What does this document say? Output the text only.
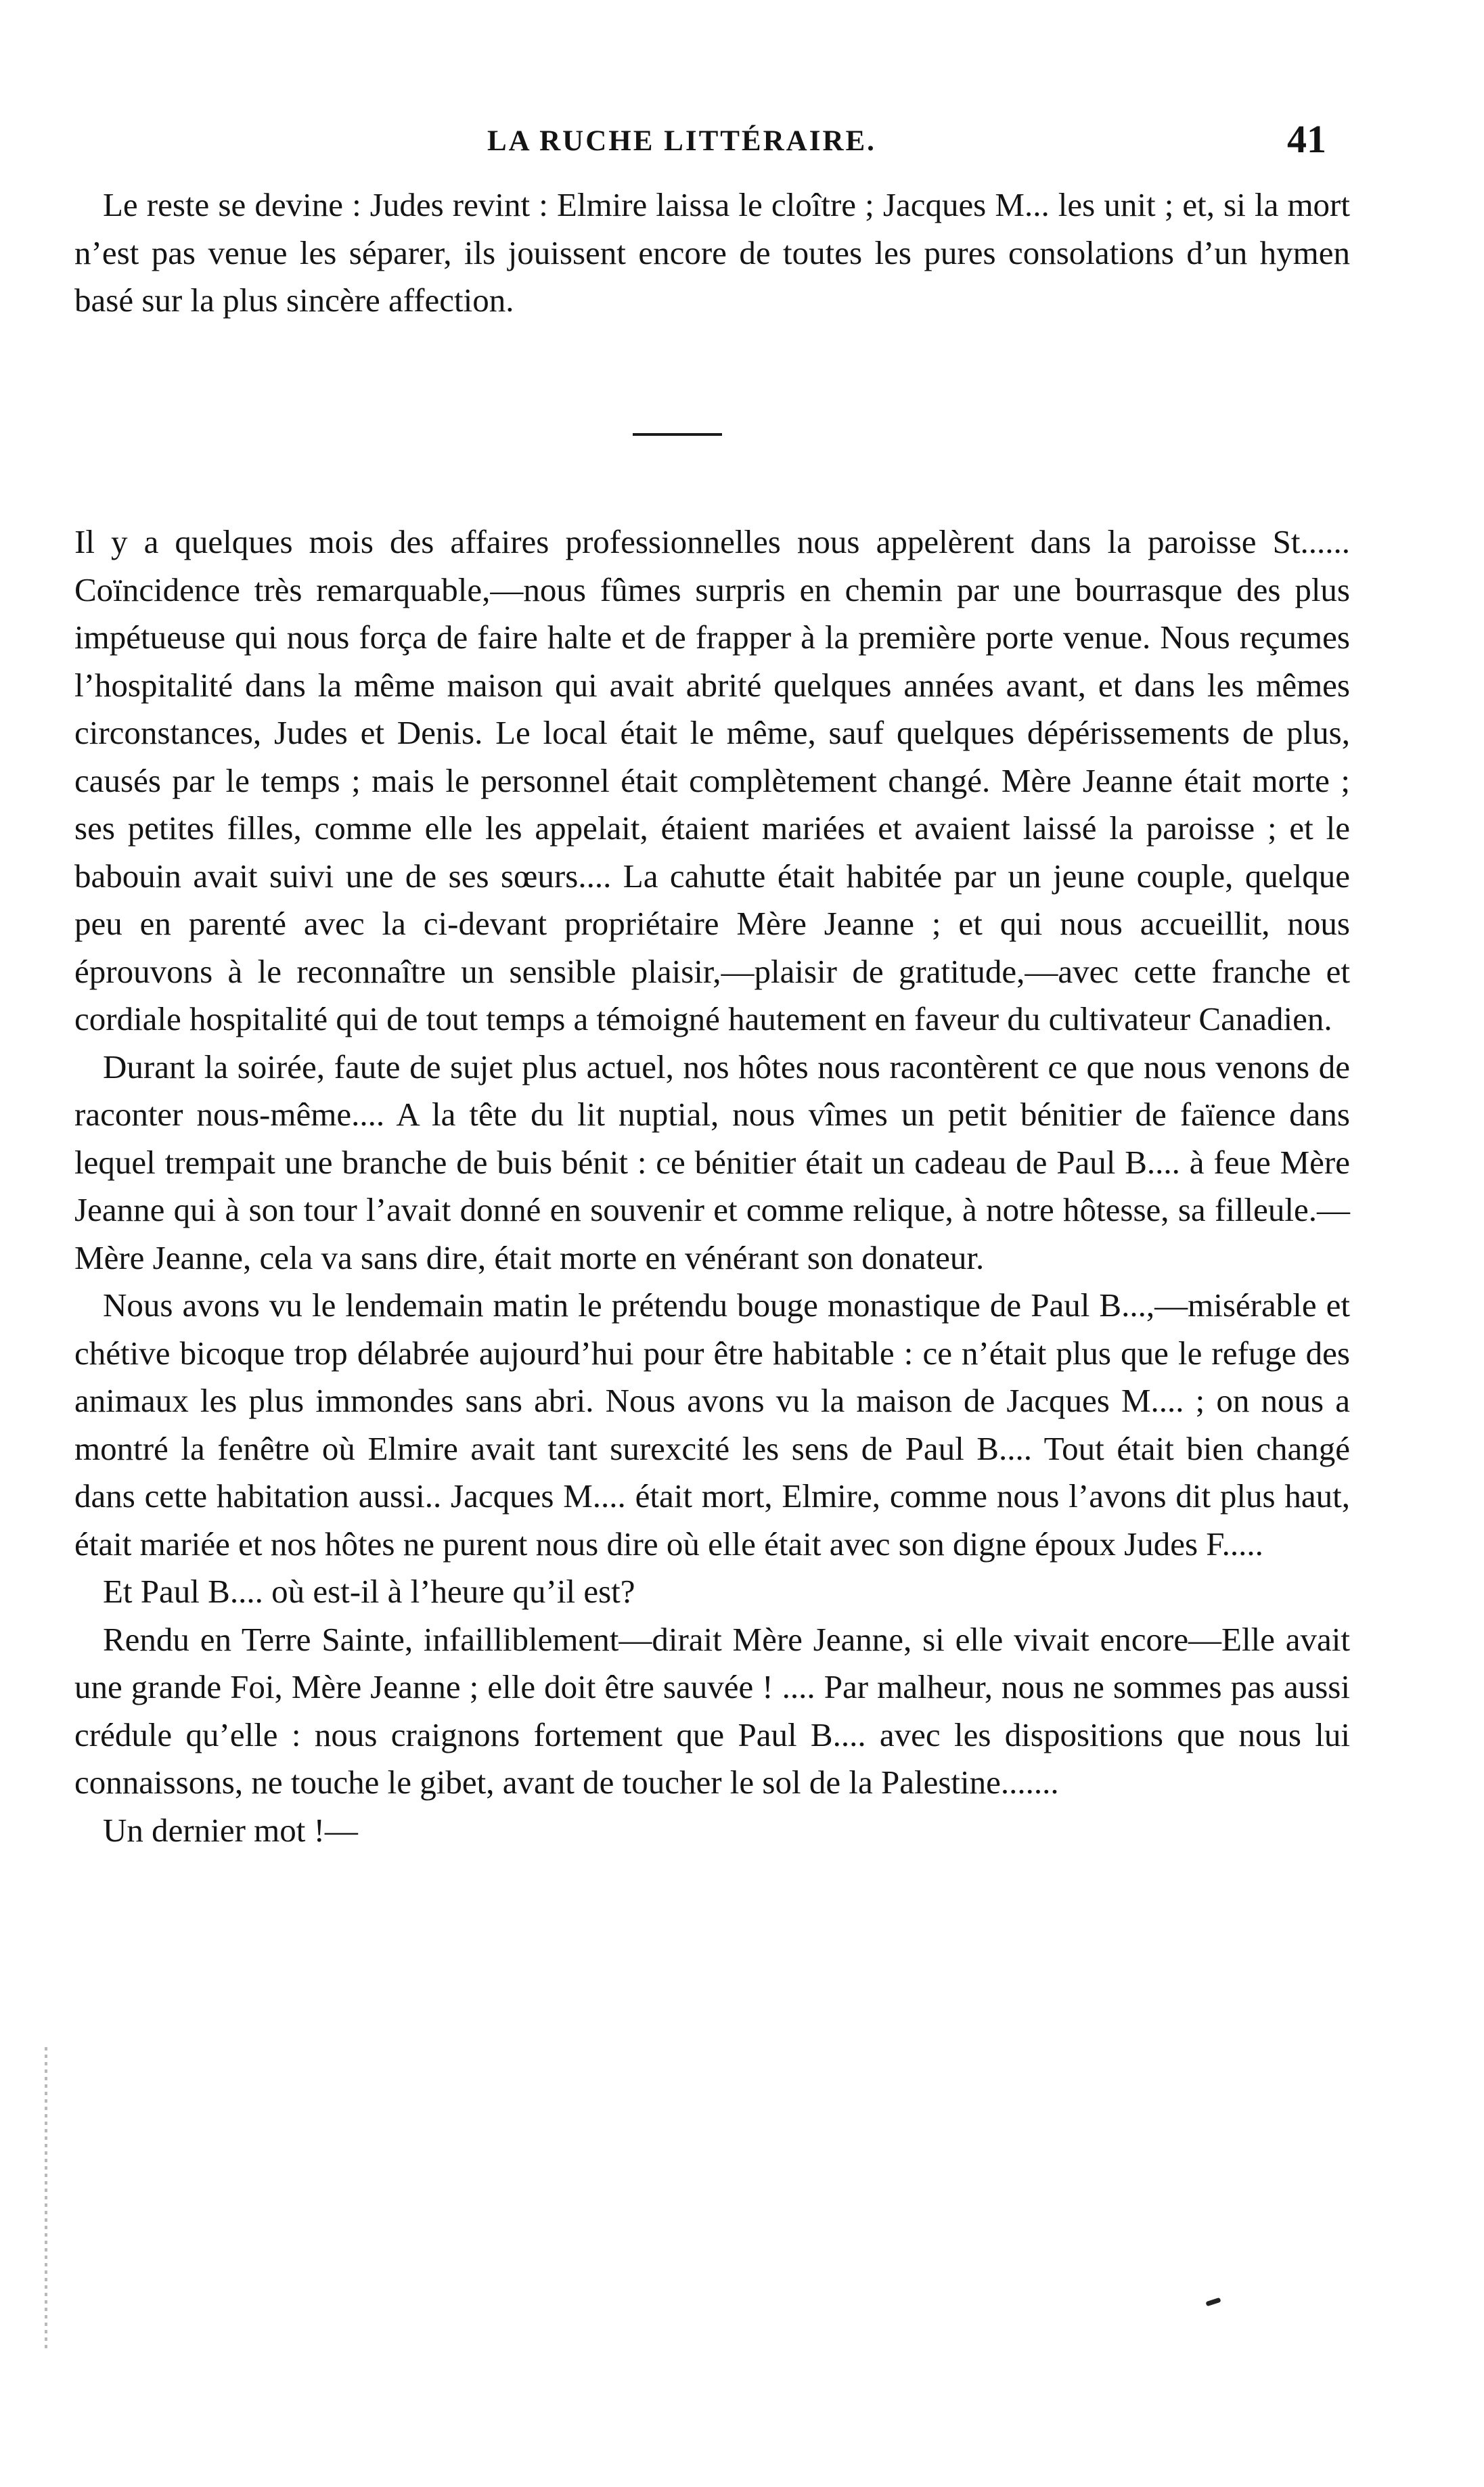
LA RUCHE LITTÉRAIRE.	41

Le reste se devine : Judes revint : Elmire laissa le cloître ; Jacques M... les unit ; et, si la mort n’est pas venue les séparer, ils jouissent encore de toutes les pures consolations d’un hymen basé sur la plus sincère affection.

Il y a quelques mois des affaires professionnelles nous appelèrent dans la paroisse St...... Coïncidence très remarquable,—nous fûmes surpris en chemin par une bourrasque des plus impétueuse qui nous força de faire halte et de frapper à la première porte venue. Nous reçumes l’hospitalité dans la même maison qui avait abrité quelques années avant, et dans les mêmes circonstances, Judes et Denis. Le local était le même, sauf quelques dépérissements de plus, causés par le temps ; mais le personnel était complètement changé. Mère Jeanne était morte ; ses petites filles, comme elle les appelait, étaient mariées et avaient laissé la paroisse ; et le babouin avait suivi une de ses sœurs.... La cahutte était habitée par un jeune couple, quelque peu en parenté avec la ci-devant propriétaire Mère Jeanne ; et qui nous accueillit, nous éprouvons à le reconnaître un sensible plaisir,—plaisir de gratitude,—avec cette franche et cordiale hospitalité qui de tout temps a témoigné hautement en faveur du cultivateur Canadien.

Durant la soirée, faute de sujet plus actuel, nos hôtes nous racontèrent ce que nous venons de raconter nous-même.... A la tête du lit nuptial, nous vîmes un petit bénitier de faïence dans lequel trempait une branche de buis bénit : ce bénitier était un cadeau de Paul B.... à feue Mère Jeanne qui à son tour l’avait donné en souvenir et comme relique, à notre hôtesse, sa filleule.—Mère Jeanne, cela va sans dire, était morte en vénérant son donateur.

Nous avons vu le lendemain matin le prétendu bouge monastique de Paul B...,—misérable et chétive bicoque trop délabrée aujourd’hui pour être habitable : ce n’était plus que le refuge des animaux les plus immondes sans abri. Nous avons vu la maison de Jacques M.... ; on nous a montré la fenêtre où Elmire avait tant surexcité les sens de Paul B.... Tout était bien changé dans cette habitation aussi.. Jacques M.... était mort, Elmire, comme nous l’avons dit plus haut, était mariée et nos hôtes ne purent nous dire où elle était avec son digne époux Judes F.....

Et Paul B.... où est-il à l’heure qu’il est?

Rendu en Terre Sainte, infailliblement—dirait Mère Jeanne, si elle vivait encore—Elle avait une grande Foi, Mère Jeanne ; elle doit être sauvée ! .... Par malheur, nous ne sommes pas aussi crédule qu’elle : nous craignons fortement que Paul B.... avec les dispositions que nous lui connaissons, ne touche le gibet, avant de toucher le sol de la Palestine.......

Un dernier mot !—
